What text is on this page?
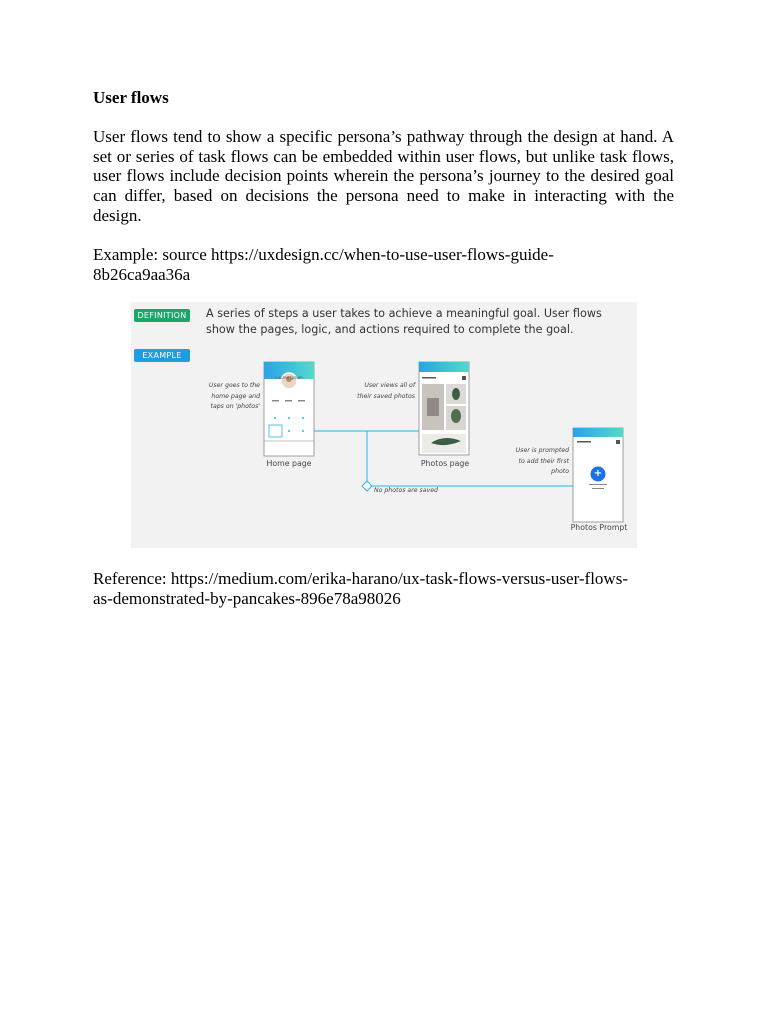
User flows

User flows tend to show a specific persona’s pathway through the design at hand. A set or series of task flows can be embedded within user flows, but unlike task flows, user flows include decision points wherein the persona’s journey to the desired goal can differ, based on decisions the persona need to make in interacting with the design.

Example: source https://uxdesign.cc/when-to-use-user-flows-guide-
8b26ca9aa36a

Reference: https://medium.com/erika-harano/ux-task-flows-versus-user-flows-
as-demonstrated-by-pancakes-896e78a98026

DEFINITION	A series of steps a user takes to achieve a meaningful goal. User flows
show the pages, logic, and actions required to complete the goal.
EXAMPLE
+
Lauren Ipsum
User goes to the
home page and
taps on 'photos'
User views all of
their saved photos
User is prompted
to add their first
photo
No photos are saved
Home page	Photos page
Photos Prompt
